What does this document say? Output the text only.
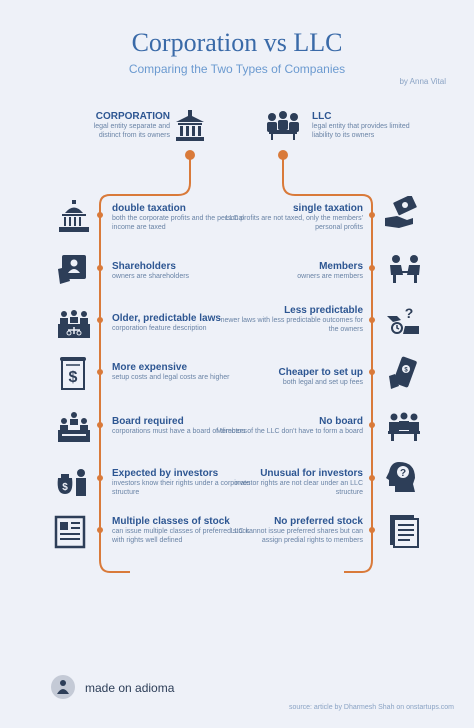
Corporation vs LLC
Comparing the Two Types of Companies
by Anna Vital
CORPORATION
legal entity separate and distinct from its owners
LLC
legal entity that provides limited liability to its owners
double taxation
both the corporate profits and the personal income are taxed
Shareholders
owners are shareholders
Older, predictable laws
corporation feature description
$
More expensive
setup costs and legal costs are higher
Board required
corporations must have a board of directors
$
Expected by investors
investors know their rights under a corporate structure
Multiple classes of stock
can issue multiple classes of preferred stock with rights well defined
single taxation
LLC profits are not taxed, only the members' personal profits
Members
owners are members
Less predictable
newer laws with less predictable outcomes for the owners
?
Cheaper to set up
both legal and set up fees
$
No board
Members of the LLC don't have to form a board
Unusual for investors
investor rights are not clear under an LLC structure
?
No preferred stock
LLC cannot issue preferred shares but can assign predial rights to members
made on adioma
source: article by Dharmesh Shah on onstartups.com
